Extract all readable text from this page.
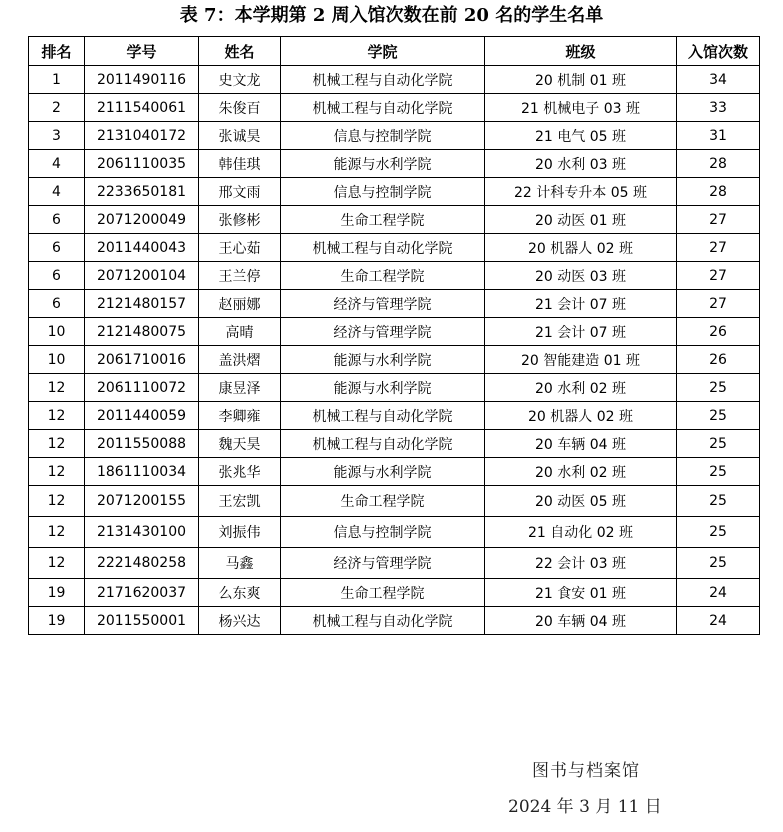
表 7：本学期第 2 周入馆次数在前 20 名的学生名单
排名	学号	姓名	学院	班级	入馆次数
1	2011490116	史文龙	机械工程与自动化学院	20 机制 01 班	34
2	2111540061	朱俊百	机械工程与自动化学院	21 机械电子 03 班	33
3	2131040172	张诚昊	信息与控制学院	21 电气 05 班	31
4	2061110035	韩佳琪	能源与水利学院	20 水利 03 班	28
4	2233650181	邢文雨	信息与控制学院	22 计科专升本 05 班	28
6	2071200049	张修彬	生命工程学院	20 动医 01 班	27
6	2011440043	王心茹	机械工程与自动化学院	20 机器人 02 班	27
6	2071200104	王兰停	生命工程学院	20 动医 03 班	27
6	2121480157	赵丽娜	经济与管理学院	21 会计 07 班	27
10	2121480075	高晴	经济与管理学院	21 会计 07 班	26
10	2061710016	盖洪熠	能源与水利学院	20 智能建造 01 班	26
12	2061110072	康昱泽	能源与水利学院	20 水利 02 班	25
12	2011440059	李卿雍	机械工程与自动化学院	20 机器人 02 班	25
12	2011550088	魏天昊	机械工程与自动化学院	20 车辆 04 班	25
12	1861110034	张兆华	能源与水利学院	20 水利 02 班	25
12	2071200155	王宏凯	生命工程学院	20 动医 05 班	25
12	2131430100	刘振伟	信息与控制学院	21 自动化 02 班	25
12	2221480258	马鑫	经济与管理学院	22 会计 03 班	25
19	2171620037	么东爽	生命工程学院	21 食安 01 班	24
19	2011550001	杨兴达	机械工程与自动化学院	20 车辆 04 班	24
图书与档案馆
2024 年 3 月 11 日
